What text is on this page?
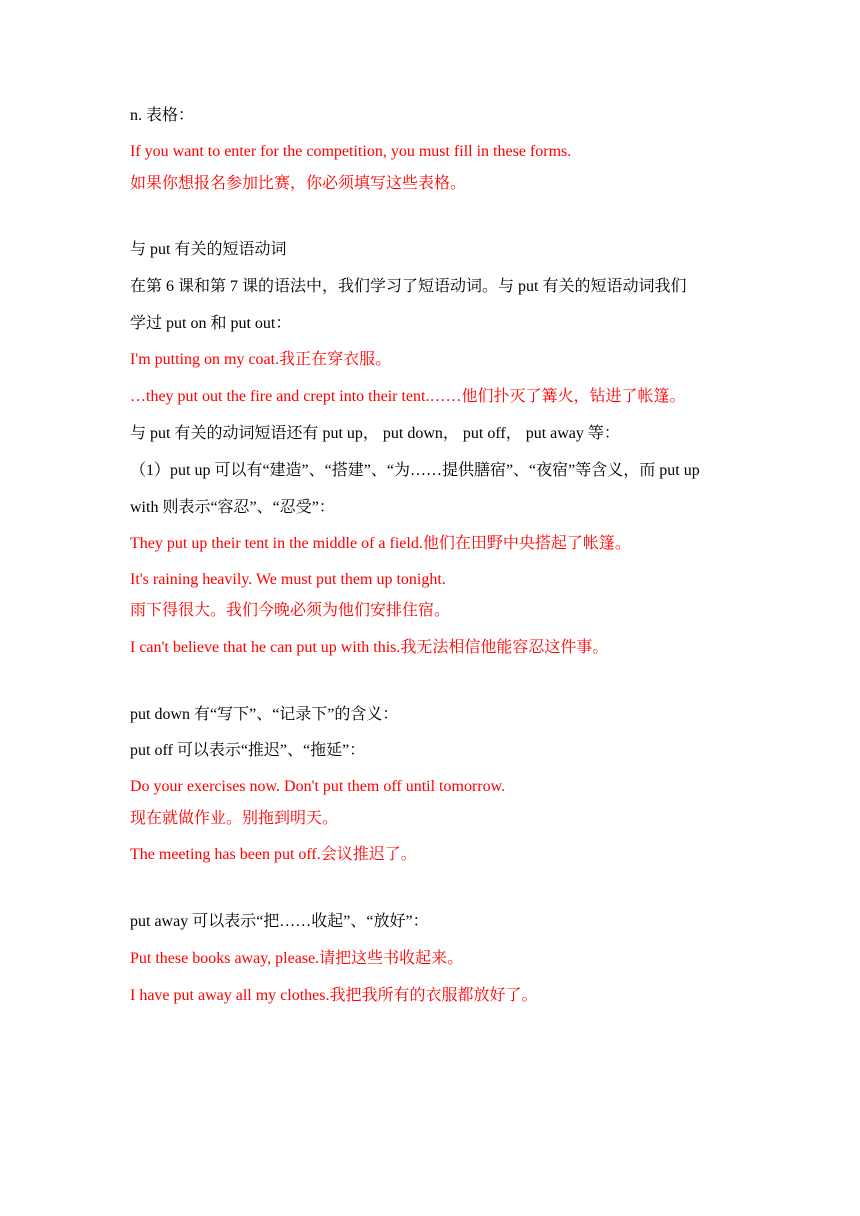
n. 表格：
If you want to enter for the competition, you must fill in these forms.
如果你想报名参加比赛，你必须填写这些表格。
与 put 有关的短语动词
在第 6 课和第 7 课的语法中，我们学习了短语动词。与 put 有关的短语动词我们
学过 put on 和 put out：
I'm putting on my coat.我正在穿衣服。
…they put out the fire and crept into their tent.……他们扑灭了篝火，钻进了帐篷。
与 put 有关的动词短语还有 put up， put down， put off， put away 等：
（1）put up 可以有“建造”、“搭建”、“为……提供膳宿”、“夜宿”等含义，而 put up
with 则表示“容忍”、“忍受”：
They put up their tent in the middle of a field.他们在田野中央搭起了帐篷。
It's raining heavily. We must put them up tonight.
雨下得很大。我们今晚必须为他们安排住宿。
I can't believe that he can put up with this.我无法相信他能容忍这件事。
put down 有“写下”、“记录下”的含义：
put off 可以表示“推迟”、“拖延”：
Do your exercises now. Don't put them off until tomorrow.
现在就做作业。别拖到明天。
The meeting has been put off.会议推迟了。
put away 可以表示“把……收起”、“放好”：
Put these books away, please.请把这些书收起来。
I have put away all my clothes.我把我所有的衣服都放好了。
